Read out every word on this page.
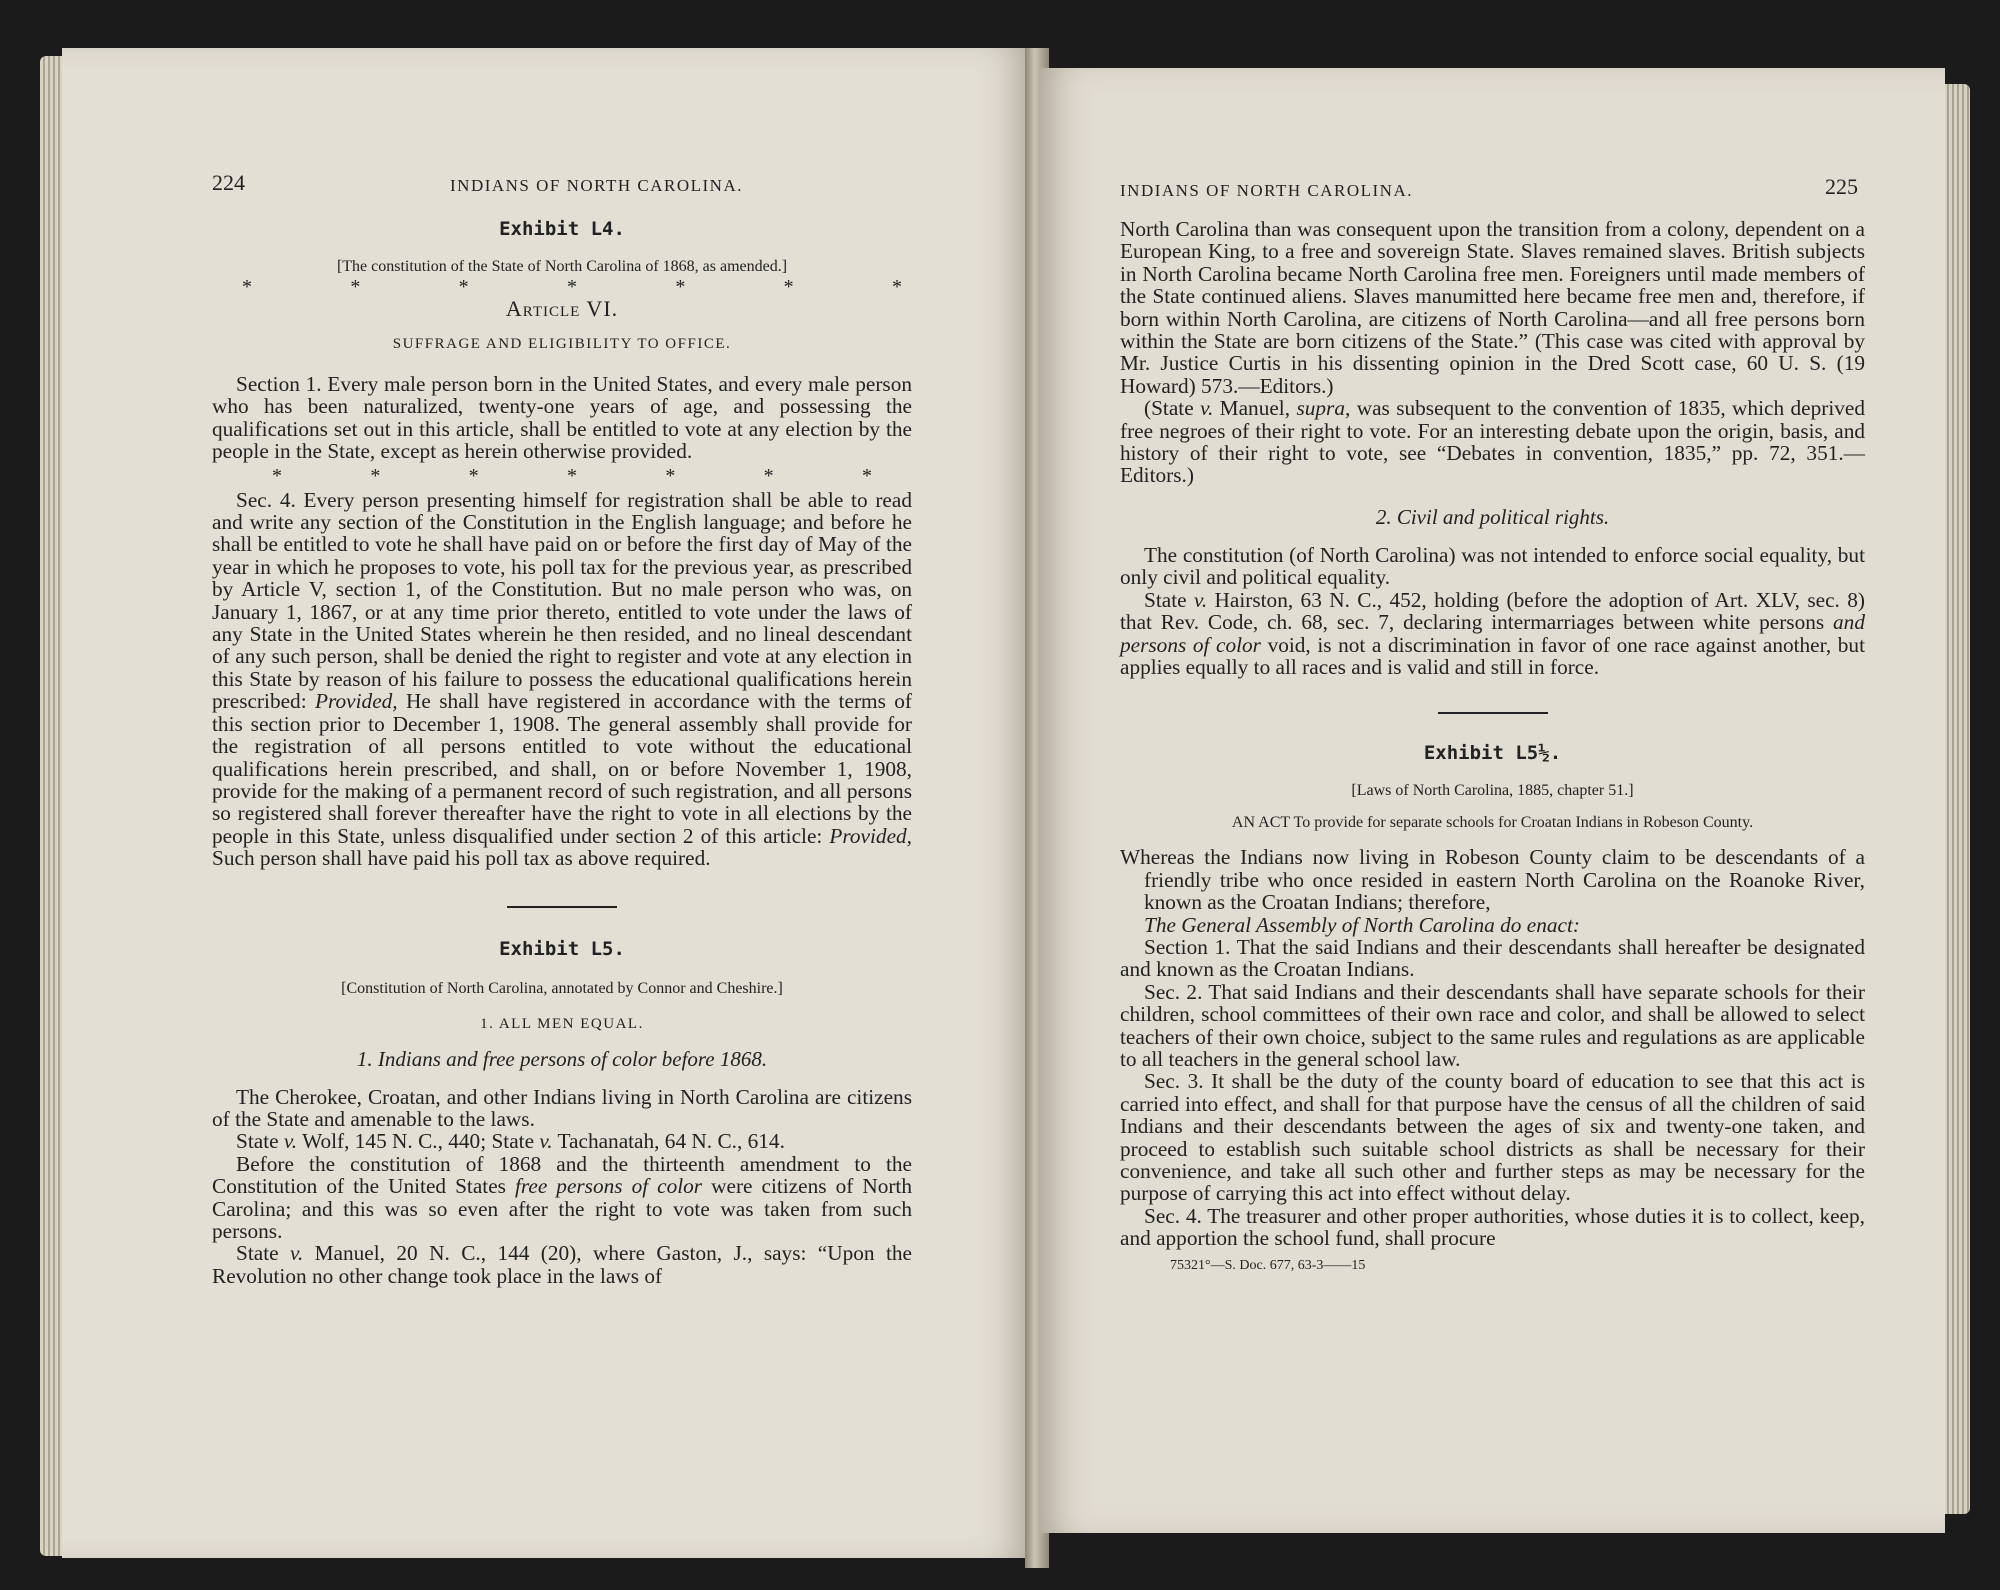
224	INDIANS OF NORTH CAROLINA.
Exhibit L4.
[The constitution of the State of North Carolina of 1868, as amended.]
*	*	*	*	*	*	*
Article VI.
SUFFRAGE AND ELIGIBILITY TO OFFICE.

Section 1. Every male person born in the United States, and every male person who has been naturalized, twenty-one years of age, and possessing the qualifications set out in this article, shall be entitled to vote at any election by the people in the State, except as herein otherwise provided.

*	*	*	*	*	*	*

Sec. 4. Every person presenting himself for registration shall be able to read and write any section of the Constitution in the English language; and before he shall be entitled to vote he shall have paid on or before the first day of May of the year in which he proposes to vote, his poll tax for the previous year, as prescribed by Article V, section 1, of the Constitution. But no male person who was, on January 1, 1867, or at any time prior thereto, entitled to vote under the laws of any State in the United States wherein he then resided, and no lineal descendant of any such person, shall be denied the right to register and vote at any election in this State by reason of his failure to possess the educational qualifications herein prescribed: Provided, He shall have registered in accordance with the terms of this section prior to December 1, 1908. The general assembly shall provide for the registration of all persons entitled to vote without the educational qualifications herein prescribed, and shall, on or before November 1, 1908, provide for the making of a permanent record of such registration, and all persons so registered shall forever thereafter have the right to vote in all elections by the people in this State, unless disqualified under section 2 of this article: Provided, Such person shall have paid his poll tax as above required.

Exhibit L5.
[Constitution of North Carolina, annotated by Connor and Cheshire.]
1. ALL MEN EQUAL.
1. Indians and free persons of color before 1868.

The Cherokee, Croatan, and other Indians living in North Carolina are citizens of the State and amenable to the laws.

State v. Wolf, 145 N. C., 440; State v. Tachanatah, 64 N. C., 614.

Before the constitution of 1868 and the thirteenth amendment to the Constitution of the United States free persons of color were citizens of North Carolina; and this was so even after the right to vote was taken from such persons.

State v. Manuel, 20 N. C., 144 (20), where Gaston, J., says: “Upon the Revolution no other change took place in the laws of

INDIANS OF NORTH CAROLINA.	225

North Carolina than was consequent upon the transition from a colony, dependent on a European King, to a free and sovereign State. Slaves remained slaves. British subjects in North Carolina became North Carolina free men. Foreigners until made members of the State continued aliens. Slaves manumitted here became free men and, therefore, if born within North Carolina, are citizens of North Carolina—and all free persons born within the State are born citizens of the State.” (This case was cited with approval by Mr. Justice Curtis in his dissenting opinion in the Dred Scott case, 60 U. S. (19 Howard) 573.—Editors.)

(State v. Manuel, supra, was subsequent to the convention of 1835, which deprived free negroes of their right to vote. For an interesting debate upon the origin, basis, and history of their right to vote, see “Debates in convention, 1835,” pp. 72, 351.—Editors.)

2. Civil and political rights.

The constitution (of North Carolina) was not intended to enforce social equality, but only civil and political equality.

State v. Hairston, 63 N. C., 452, holding (before the adoption of Art. XLV, sec. 8) that Rev. Code, ch. 68, sec. 7, declaring intermarriages between white persons and persons of color void, is not a discrimination in favor of one race against another, but applies equally to all races and is valid and still in force.

Exhibit L5½.
[Laws of North Carolina, 1885, chapter 51.]
AN ACT To provide for separate schools for Croatan Indians in Robeson County.

Whereas the Indians now living in Robeson County claim to be descendants of a friendly tribe who once resided in eastern North Carolina on the Roanoke River, known as the Croatan Indians; therefore,

The General Assembly of North Carolina do enact:

Section 1. That the said Indians and their descendants shall hereafter be designated and known as the Croatan Indians.

Sec. 2. That said Indians and their descendants shall have separate schools for their children, school committees of their own race and color, and shall be allowed to select teachers of their own choice, subject to the same rules and regulations as are applicable to all teachers in the general school law.

Sec. 3. It shall be the duty of the county board of education to see that this act is carried into effect, and shall for that purpose have the census of all the children of said Indians and their descendants between the ages of six and twenty-one taken, and proceed to establish such suitable school districts as shall be necessary for their convenience, and take all such other and further steps as may be necessary for the purpose of carrying this act into effect without delay.

Sec. 4. The treasurer and other proper authorities, whose duties it is to collect, keep, and apportion the school fund, shall procure

75321°—S. Doc. 677, 63-3——15
